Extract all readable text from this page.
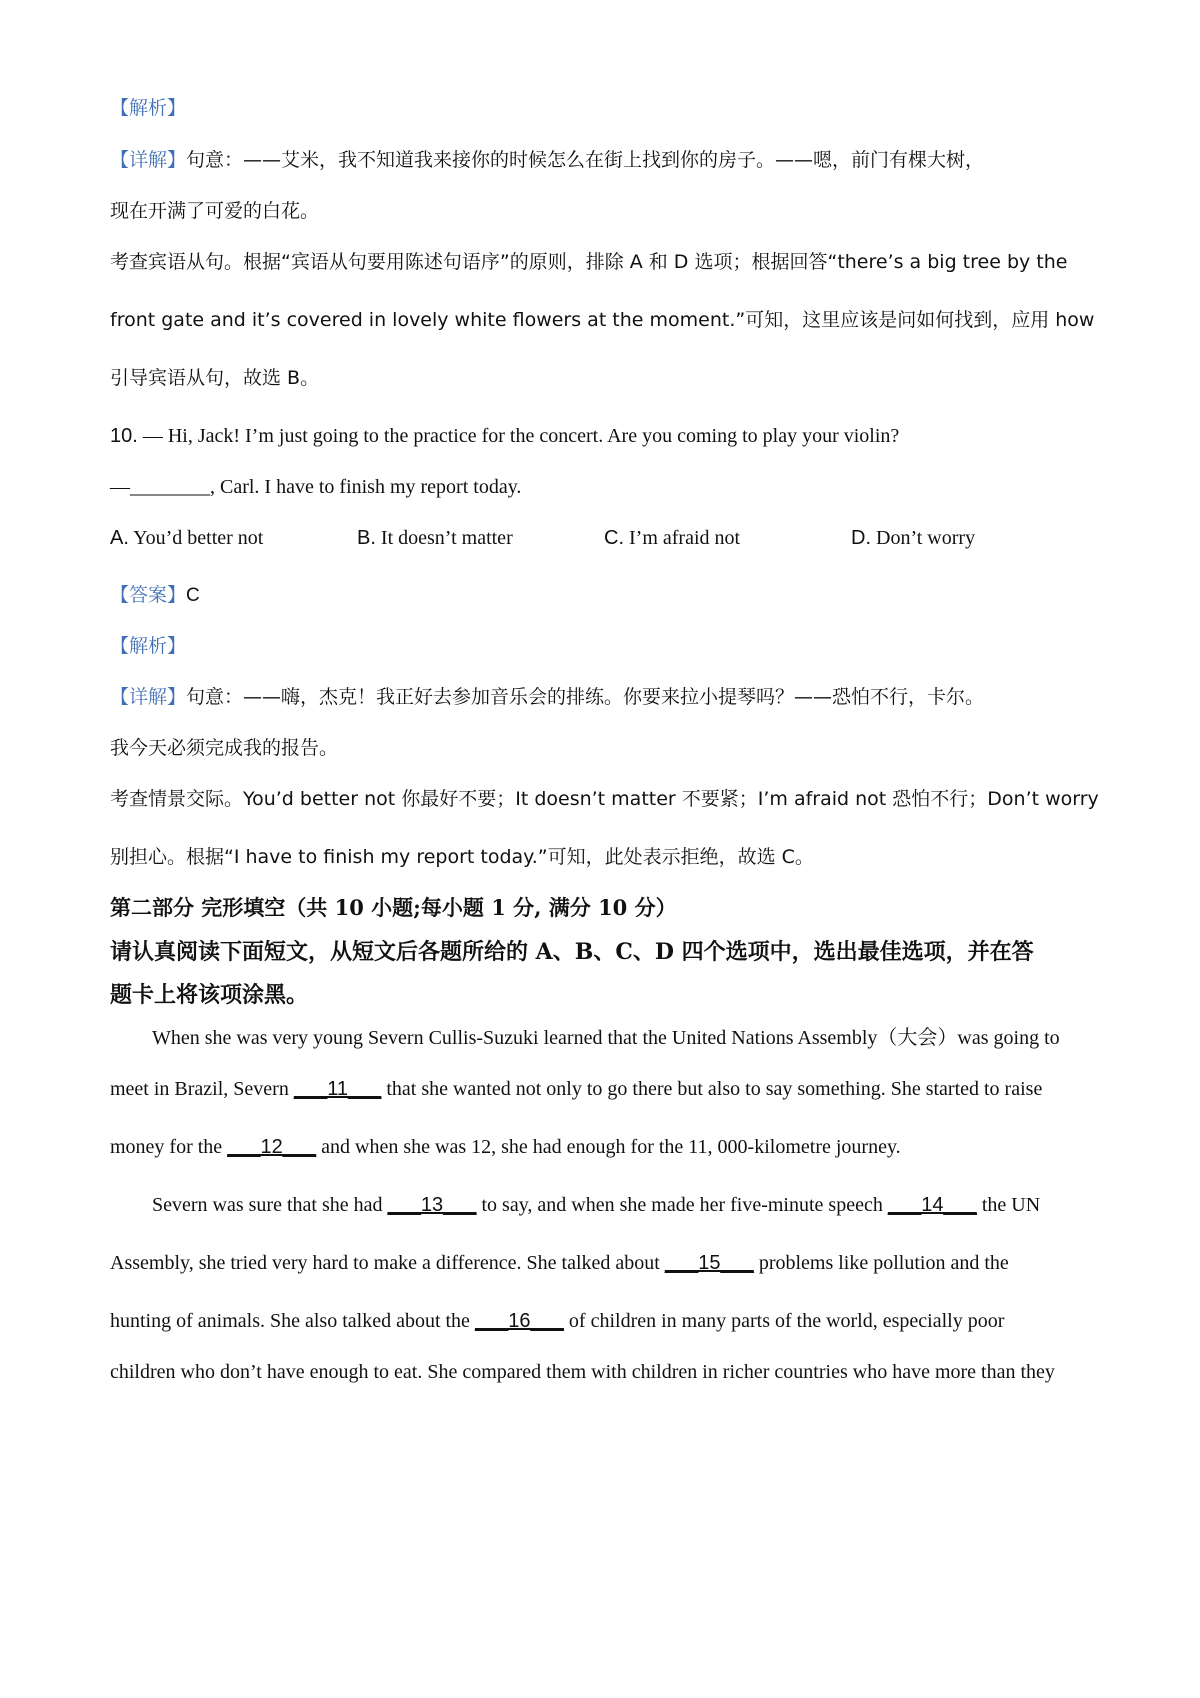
【解析】
【详解】句意：——艾米，我不知道我来接你的时候怎么在街上找到你的房子。——嗯，前门有棵大树，
现在开满了可爱的白花。
考查宾语从句。根据“宾语从句要用陈述句语序”的原则，排除 A 和 D 选项；根据回答“there’s a big tree by the
front gate and it’s covered in lovely white flowers at the moment.”可知，这里应该是问如何找到，应用 how
引导宾语从句，故选 B。
10. — Hi, Jack! I’m just going to the practice for the concert. Are you coming to play your violin?
—________, Carl. I have to finish my report today.
A. You’d better not	B. It doesn’t matter	C. I’m afraid not	D. Don’t worry
【答案】C
【解析】
【详解】句意：——嗨，杰克！我正好去参加音乐会的排练。你要来拉小提琴吗？——恐怕不行，卡尔。
我今天必须完成我的报告。
考查情景交际。You’d better not 你最好不要；It doesn’t matter 不要紧；I’m afraid not 恐怕不行；Don’t worry
别担心。根据“I have to finish my report today.”可知，此处表示拒绝，故选 C。
第二部分 完形填空（共 10 小题;每小题 1 分, 满分 10 分）
请认真阅读下面短文，从短文后各题所给的 A、B、C、D 四个选项中，选出最佳选项，并在答
题卡上将该项涂黑。
When she was very young Severn Cullis-Suzuki learned that the United Nations Assembly（大会）was going to
meet in Brazil, Severn ___11___ that she wanted not only to go there but also to say something. She started to raise
money for the ___12___ and when she was 12, she had enough for the 11, 000-kilometre journey.
Severn was sure that she had ___13___ to say, and when she made her five-minute speech ___14___ the UN
Assembly, she tried very hard to make a difference. She talked about ___15___ problems like pollution and the
hunting of animals. She also talked about the ___16___ of children in many parts of the world, especially poor
children who don’t have enough to eat. She compared them with children in richer countries who have more than they
